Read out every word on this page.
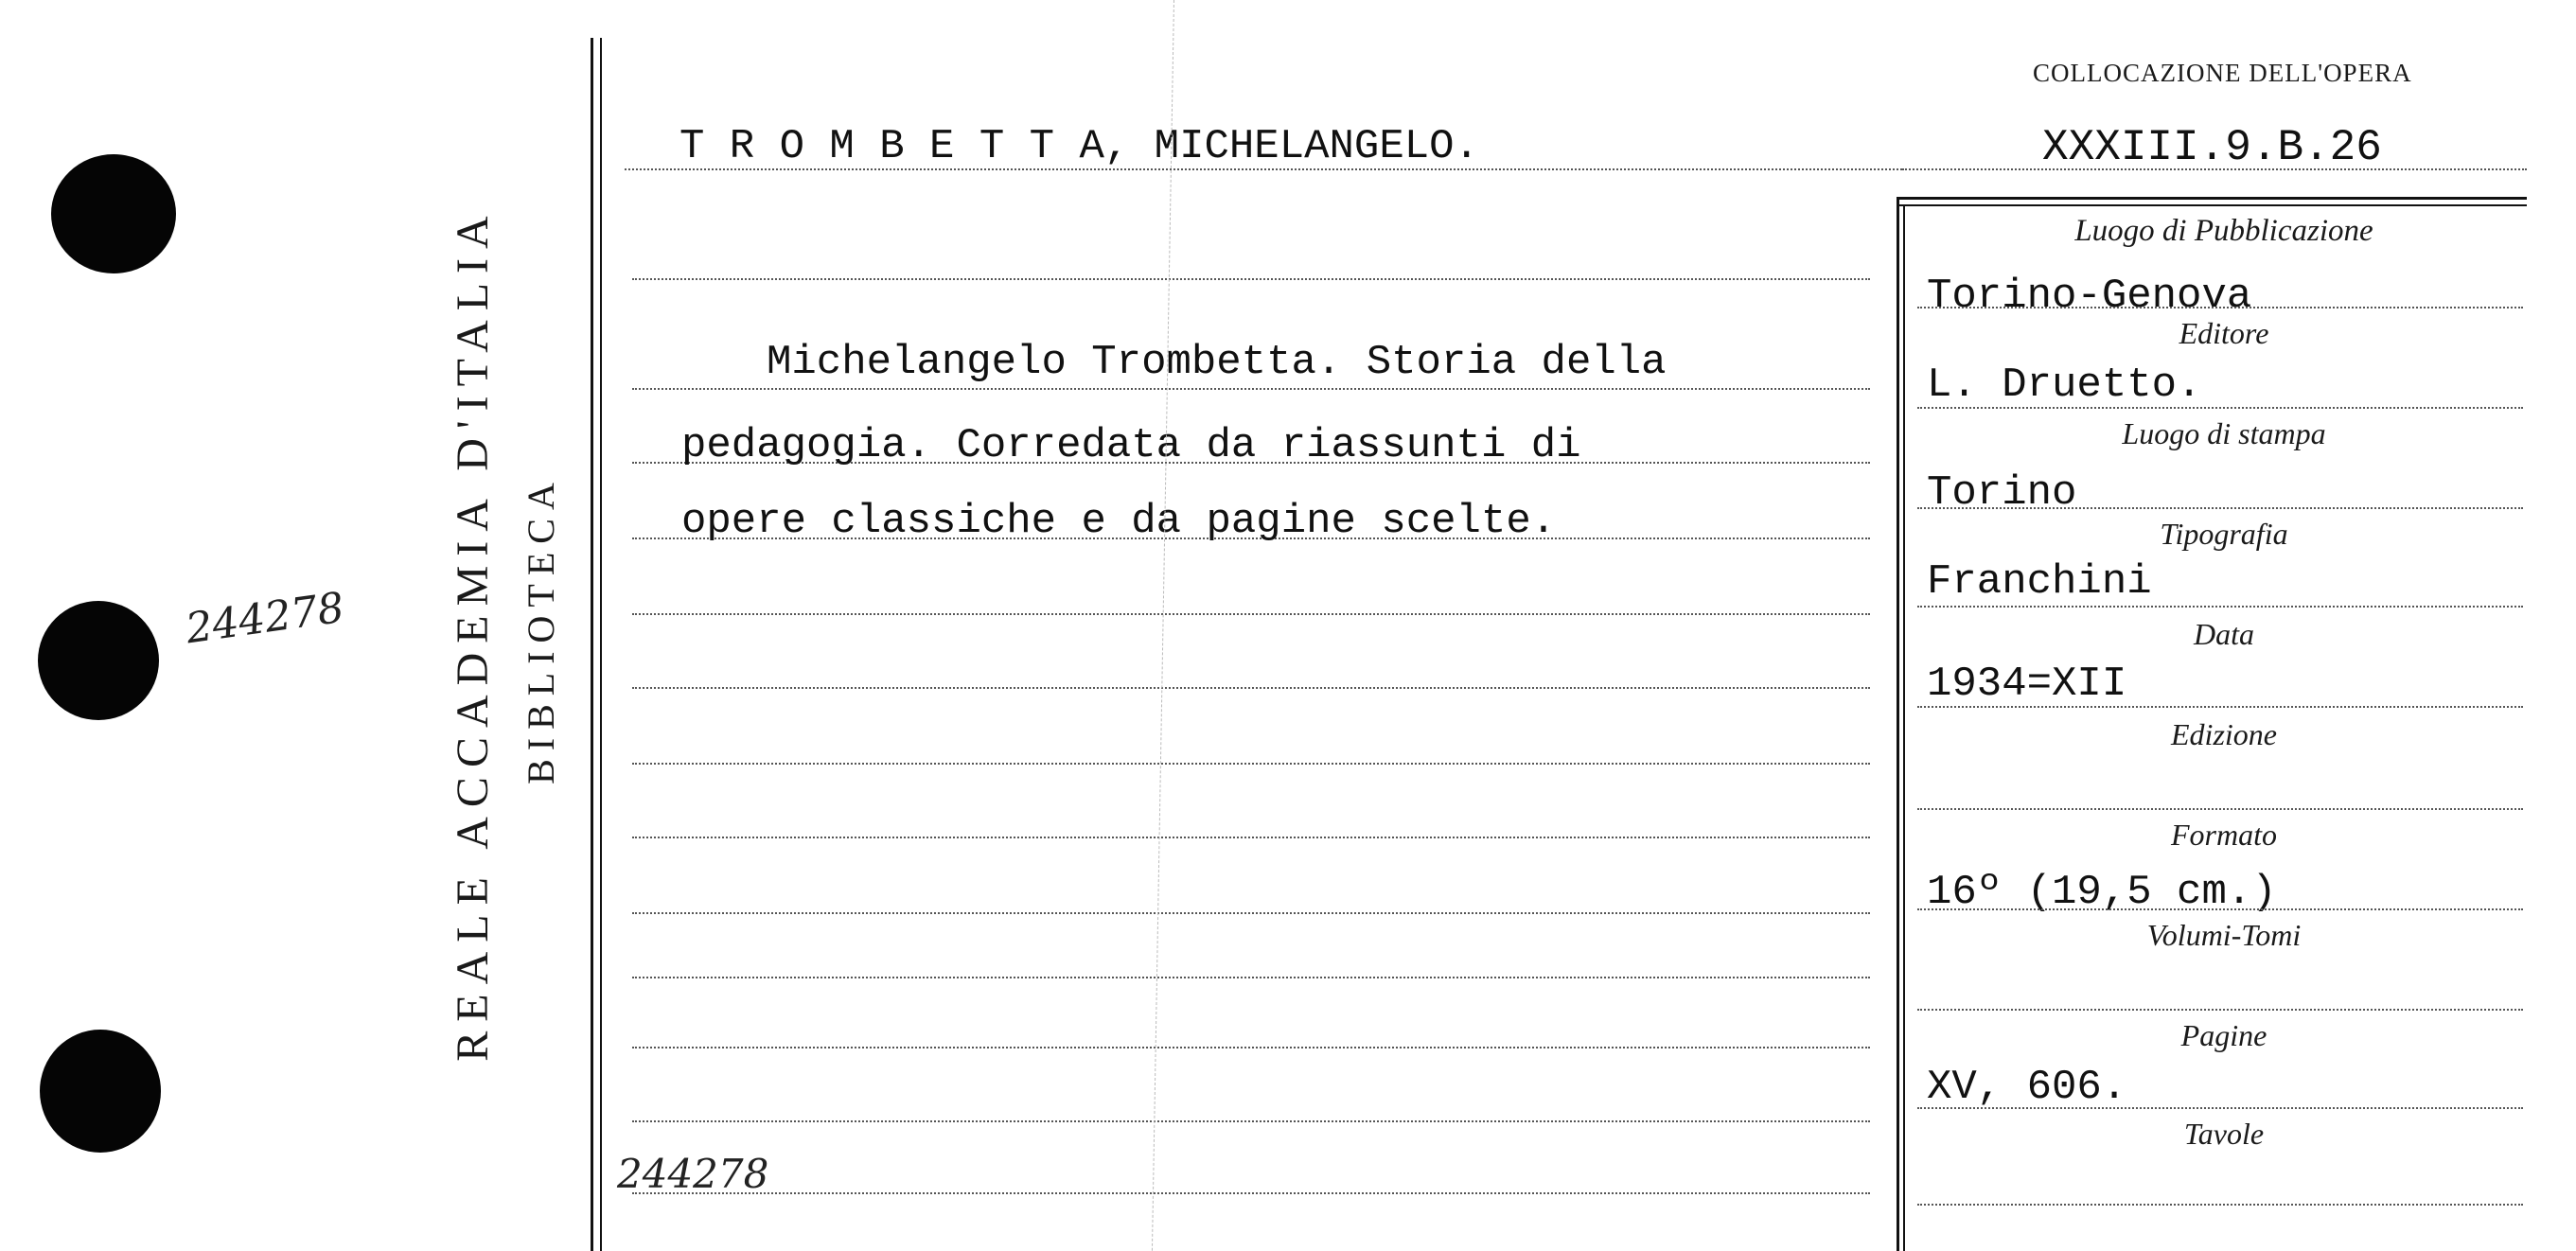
244278 REALE ACCADEMIA D'ITALIA BIBLIOTECA
COLLOCAZIONE DELL'OPERA
XXXIII.9.B.26
T R O M B E T T A, MICHELANGELO.
Michelangelo Trombetta. Storia della
pedagogia. Corredata da riassunti di
opere classiche e da pagine scelte.
244278
Luogo di Pubblicazione
Torino-Genova
Editore
L. Druetto.
Luogo di stampa
Torino
Tipografia
Franchini
Data
1934=XII
Edizione
Formato
16º (19,5 cm.)
Volumi-Tomi
Pagine
XV, 606.
Tavole
